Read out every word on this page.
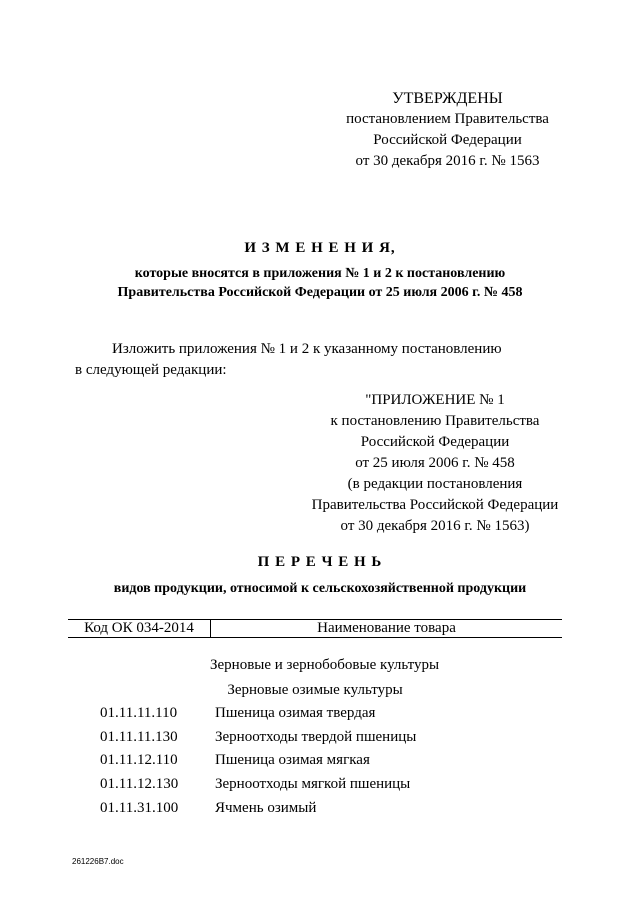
УТВЕРЖДЕНЫ
постановлением Правительства
Российской Федерации
от 30 декабря 2016 г. № 1563
И З М Е Н Е Н И Я,
которые вносятся в приложения № 1 и 2 к постановлению
Правительства Российской Федерации от 25 июля 2006 г. № 458
Изложить приложения № 1 и 2 к указанному постановлению
в следующей редакции:
"ПРИЛОЖЕНИЕ № 1
к постановлению Правительства
Российской Федерации
от 25 июля 2006 г. № 458
(в редакции постановления
Правительства Российской Федерации
от 30 декабря 2016 г. № 1563)
П Е Р Е Ч Е Н Ь
видов продукции, относимой к сельскохозяйственной продукции
Код ОК 034-2014	Наименование товара
Зерновые и зернобобовые культуры
Зерновые озимые культуры
01.11.11.110	Пшеница озимая твердая
01.11.11.130 Зерноотходы твердой пшеницы
01.11.12.110 Пшеница озимая мягкая
01.11.12.130 Зерноотходы мягкой пшеницы
01.11.31.100 Ячмень озимый
261226В7.doc
